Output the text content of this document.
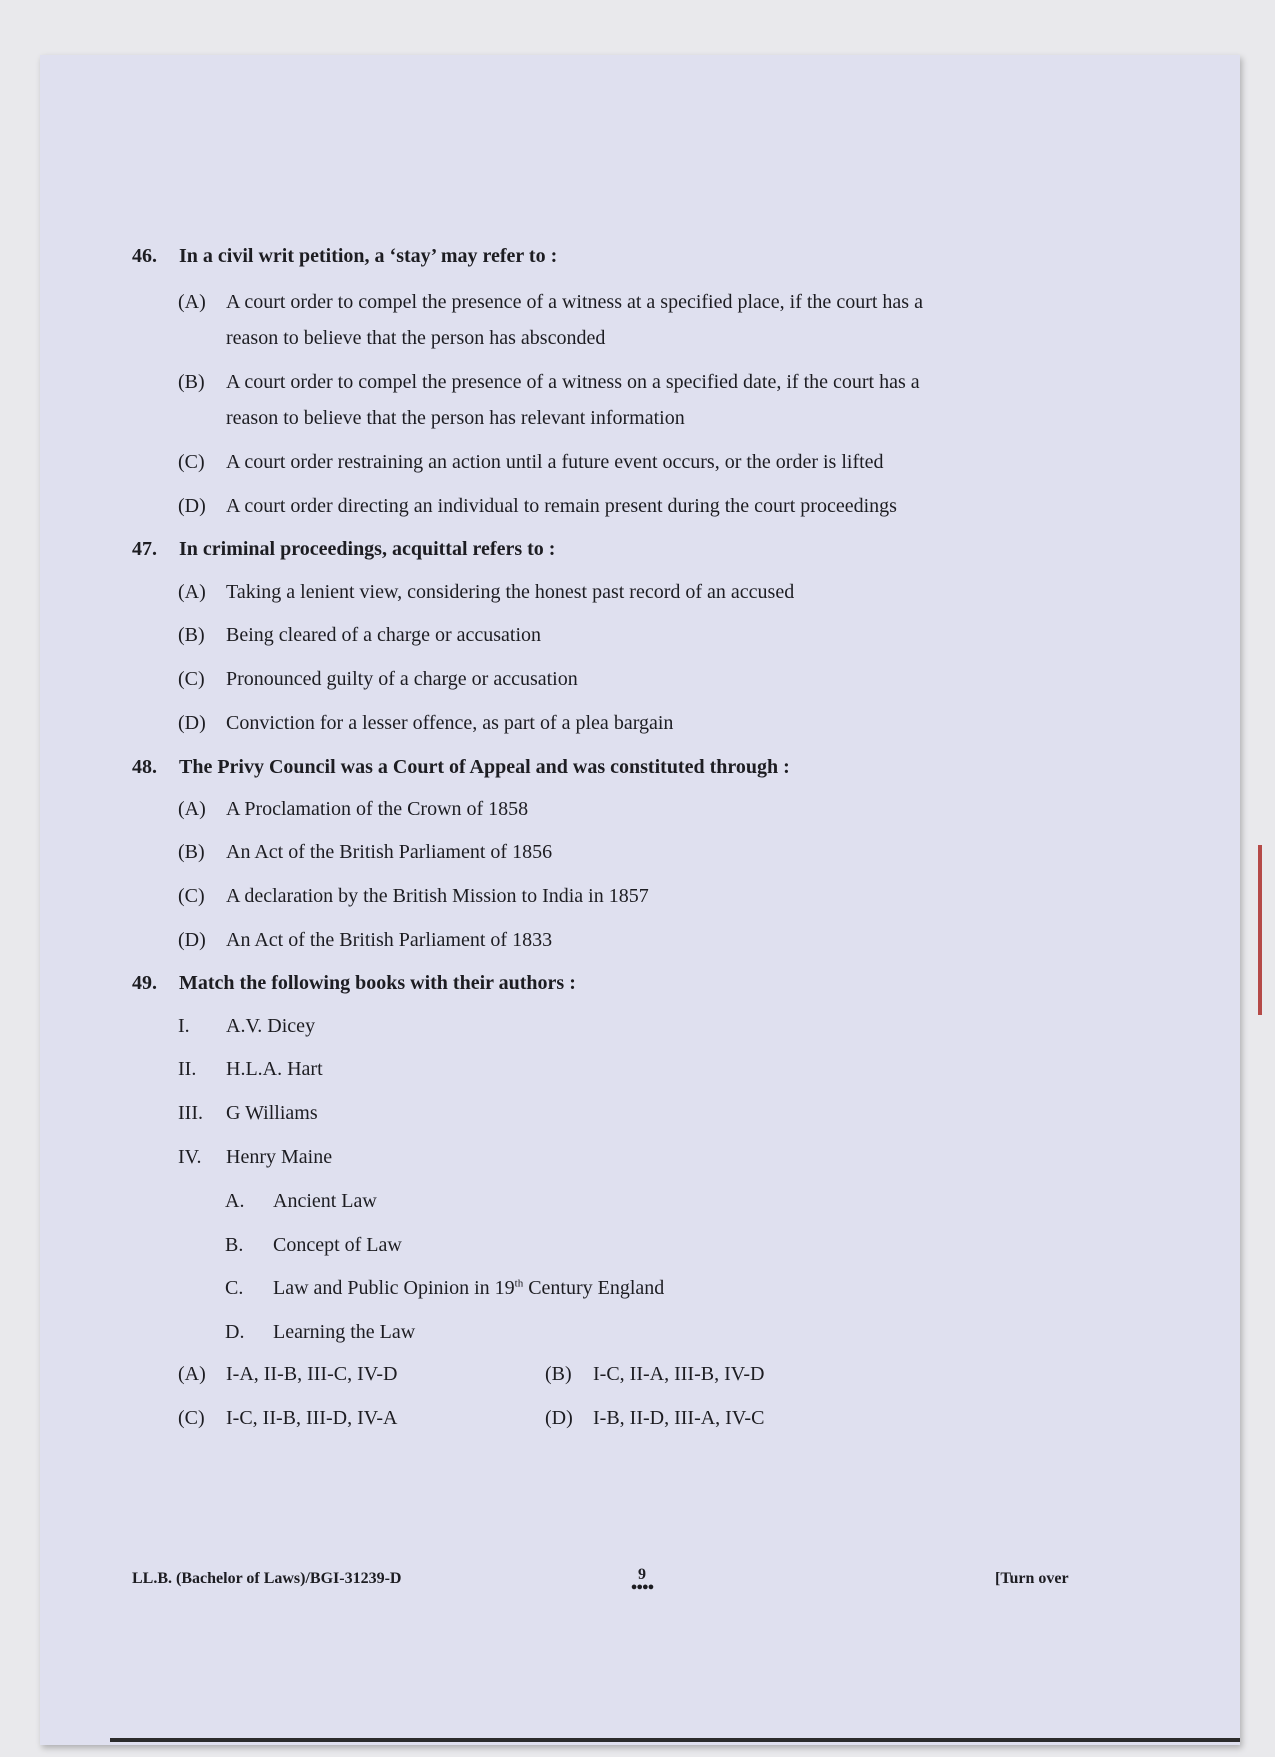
46. In a civil writ petition, a ‘stay’ may refer to :
(A) A court order to compel the presence of a witness at a specified place, if the court has a
reason to believe that the person has absconded
(B) A court order to compel the presence of a witness on a specified date, if the court has a
reason to believe that the person has relevant information
(C) A court order restraining an action until a future event occurs, or the order is lifted
(D) A court order directing an individual to remain present during the court proceedings
47. In criminal proceedings, acquittal refers to :
(A) Taking a lenient view, considering the honest past record of an accused
(B) Being cleared of a charge or accusation
(C) Pronounced guilty of a charge or accusation
(D) Conviction for a lesser offence, as part of a plea bargain
48. The Privy Council was a Court of Appeal and was constituted through :
(A) A Proclamation of the Crown of 1858
(B) An Act of the British Parliament of 1856
(C) A declaration by the British Mission to India in 1857
(D) An Act of the British Parliament of 1833
49. Match the following books with their authors :
I. A.V. Dicey
II. H.L.A. Hart
III. G Williams
IV. Henry Maine
A. Ancient Law
B. Concept of Law
C. Law and Public Opinion in 19th Century England
D. Learning the Law
(A) I-A, II-B, III-C, IV-D	(B) I-C, II-A, III-B, IV-D
(C) I-C, II-B, III-D, IV-A	(D) I-B, II-D, III-A, IV-C
LL.B. (Bachelor of Laws)/BGI-31239-D	9
●●●●	[Turn over
